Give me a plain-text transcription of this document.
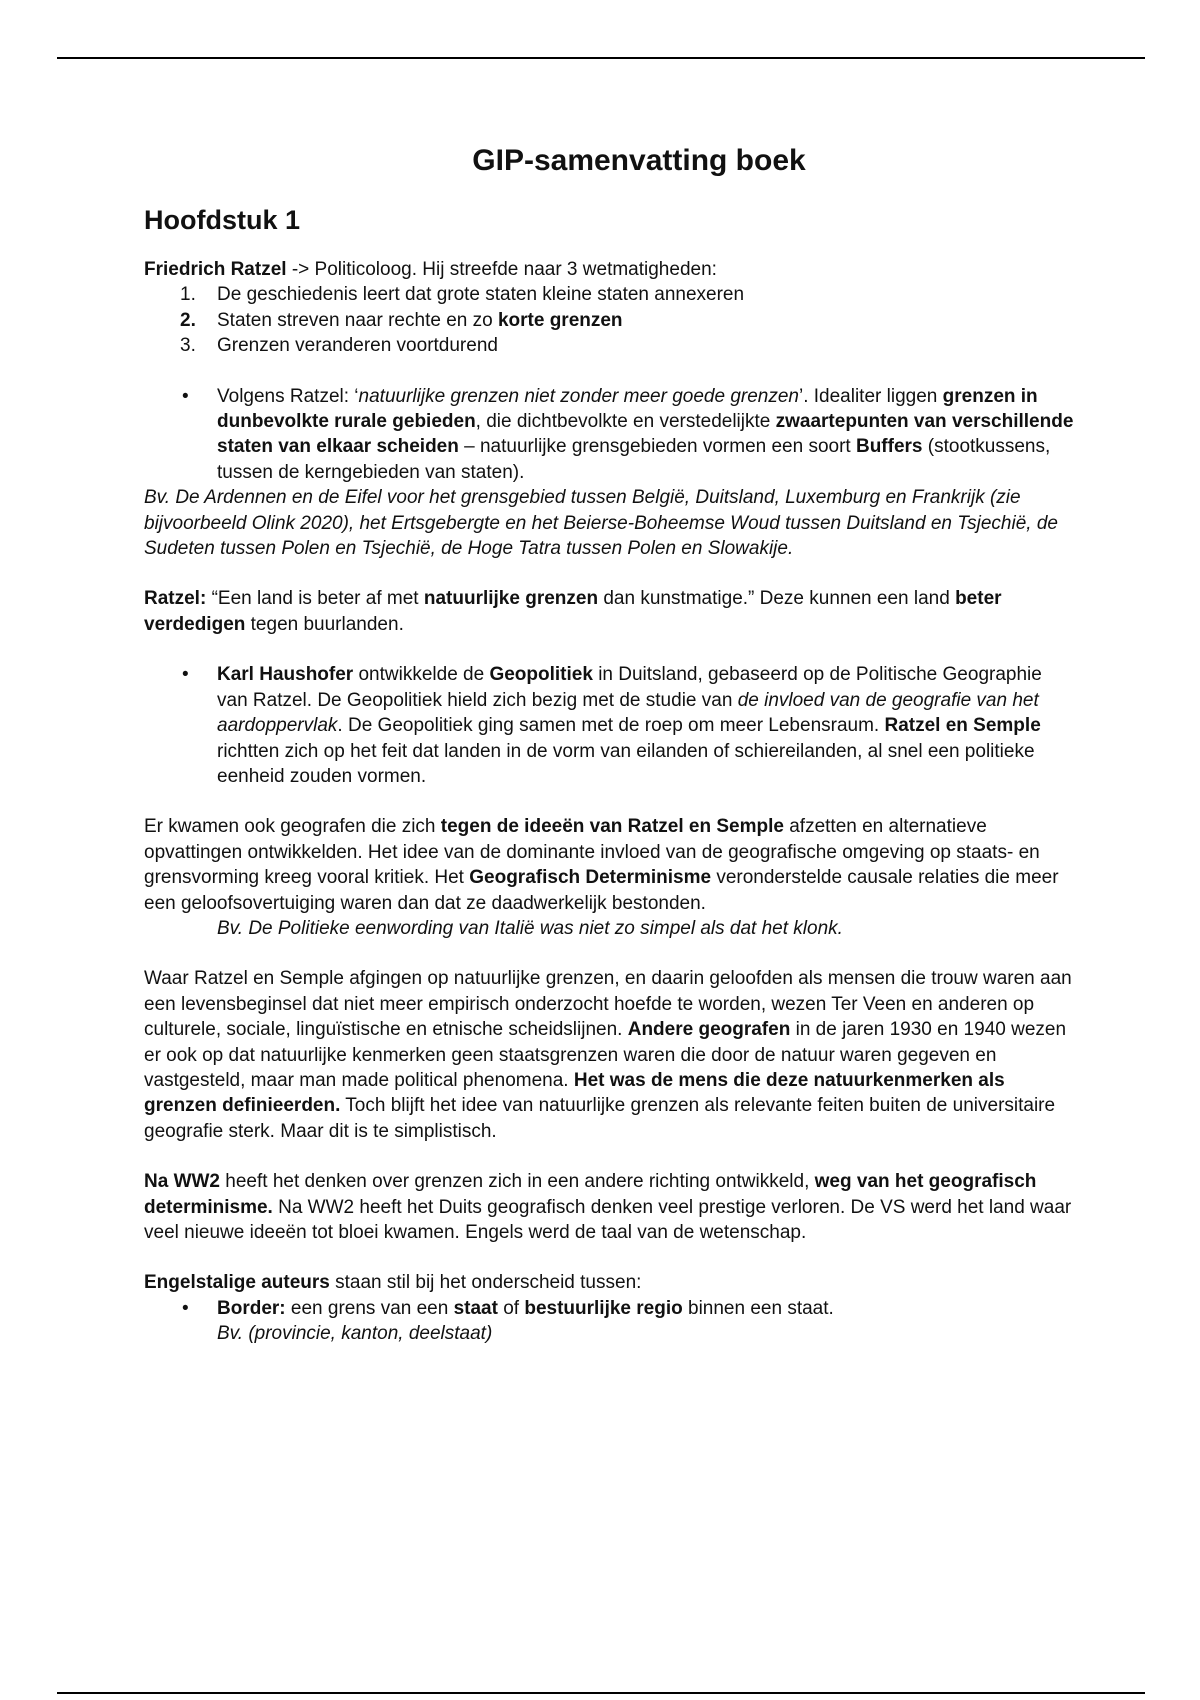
GIP-samenvatting boek
Hoofdstuk 1

Friedrich Ratzel -> Politicoloog. Hij streefde naar 3 wetmatigheden:

1.	De geschiedenis leert dat grote staten kleine staten annexeren
2.	Staten streven naar rechte en zo korte grenzen
3.	Grenzen veranderen voortdurend
• Volgens Ratzel: ‘natuurlijke grenzen niet zonder meer goede grenzen’. Idealiter liggen grenzen in dunbevolkte rurale gebieden, die dichtbevolkte en verstedelijkte zwaartepunten van verschillende staten van elkaar scheiden – natuurlijke grensgebieden vormen een soort Buffers (stootkussens, tussen de kerngebieden van staten).

Bv. De Ardennen en de Eifel voor het grensgebied tussen België, Duitsland, Luxemburg en Frankrijk (zie bijvoorbeeld Olink 2020), het Ertsgebergte en het Beierse-Boheemse Woud tussen Duitsland en Tsjechië, de Sudeten tussen Polen en Tsjechië, de Hoge Tatra tussen Polen en Slowakije.

Ratzel: “Een land is beter af met natuurlijke grenzen dan kunstmatige.” Deze kunnen een land beter verdedigen tegen buurlanden.

• Karl Haushofer ontwikkelde de Geopolitiek in Duitsland, gebaseerd op de Politische Geographie van Ratzel. De Geopolitiek hield zich bezig met de studie van de invloed van de geografie van het aardoppervlak. De Geopolitiek ging samen met de roep om meer Lebensraum. Ratzel en Semple richtten zich op het feit dat landen in de vorm van eilanden of schiereilanden, al snel een politieke eenheid zouden vormen.

Er kwamen ook geografen die zich tegen de ideeën van Ratzel en Semple afzetten en alternatieve opvattingen ontwikkelden. Het idee van de dominante invloed van de geografische omgeving op staats- en grensvorming kreeg vooral kritiek. Het Geografisch Determinisme veronderstelde causale relaties die meer een geloofsovertuiging waren dan dat ze daadwerkelijk bestonden.

Bv. De Politieke eenwording van Italië was niet zo simpel als dat het klonk.

Waar Ratzel en Semple afgingen op natuurlijke grenzen, en daarin geloofden als mensen die trouw waren aan een levensbeginsel dat niet meer empirisch onderzocht hoefde te worden, wezen Ter Veen en anderen op culturele, sociale, linguïstische en etnische scheidslijnen. Andere geografen in de jaren 1930 en 1940 wezen er ook op dat natuurlijke kenmerken geen staatsgrenzen waren die door de natuur waren gegeven en vastgesteld, maar man made political phenomena. Het was de mens die deze natuurkenmerken als grenzen definieerden. Toch blijft het idee van natuurlijke grenzen als relevante feiten buiten de universitaire geografie sterk. Maar dit is te simplistisch.

Na WW2 heeft het denken over grenzen zich in een andere richting ontwikkeld, weg van het geografisch determinisme. Na WW2 heeft het Duits geografisch denken veel prestige verloren. De VS werd het land waar veel nieuwe ideeën tot bloei kwamen. Engels werd de taal van de wetenschap.

Engelstalige auteurs staan stil bij het onderscheid tussen:

• Border: een grens van een staat of bestuurlijke regio binnen een staat.

Bv. (provincie, kanton, deelstaat)
